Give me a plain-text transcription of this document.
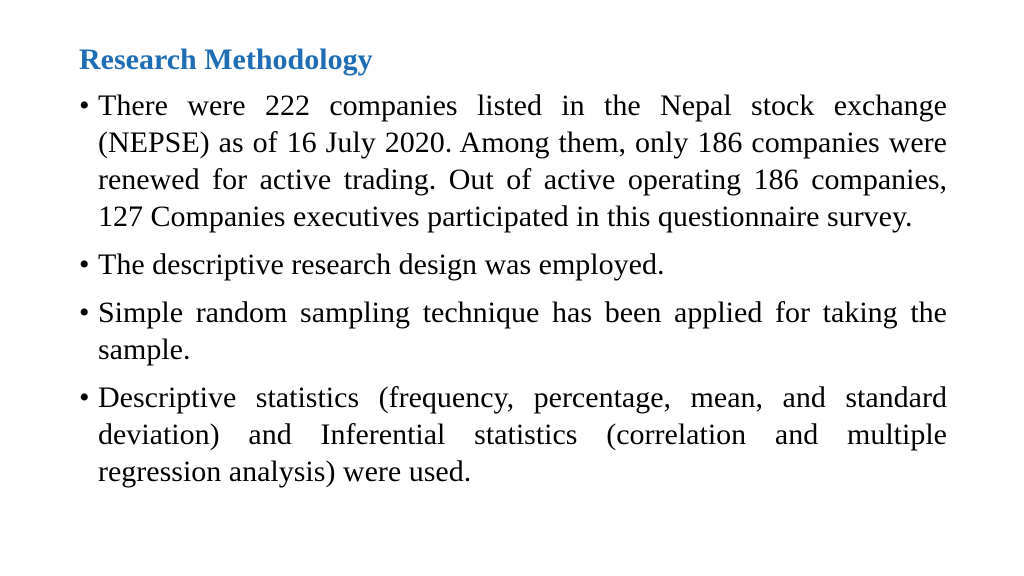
Research Methodology
• There were 222 companies listed in the Nepal stock exchange (NEPSE) as of 16 July 2020. Among them, only 186 companies were renewed for active trading. Out of active operating 186 companies, 127 Companies executives participated in this questionnaire survey.
• The descriptive research design was employed.
• Simple random sampling technique has been applied for taking the sample.
• Descriptive statistics (frequency, percentage, mean, and standard deviation) and Inferential statistics (correlation and multiple regression analysis) were used.
